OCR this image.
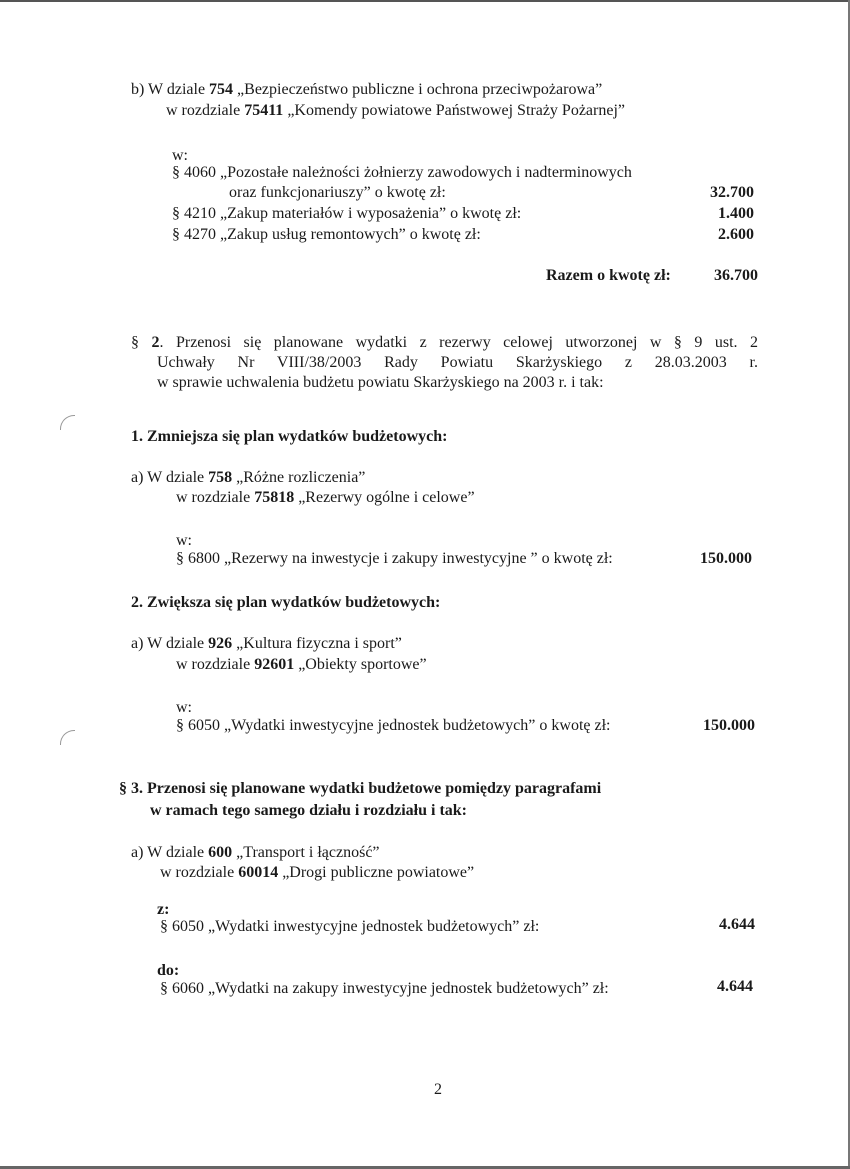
b) W dziale 754 „Bezpieczeństwo publiczne i ochrona przeciwpożarowa”
w rozdziale 75411 „Komendy powiatowe Państwowej Straży Pożarnej”
w:
§ 4060 „Pozostałe należności żołnierzy zawodowych i nadterminowych
oraz funkcjonariuszy” o kwotę zł:	32.700
§ 4210 „Zakup materiałów i wyposażenia” o kwotę zł:	1.400
§ 4270 „Zakup usług remontowych” o kwotę zł:	2.600
Razem o kwotę zł:	36.700
§ 2. Przenosi się planowane wydatki z rezerwy celowej utworzonej w § 9 ust. 2
Uchwały Nr VIII/38/2003 Rady Powiatu Skarżyskiego z 28.03.2003 r.
w sprawie uchwalenia budżetu powiatu Skarżyskiego na 2003 r. i tak:
1. Zmniejsza się plan wydatków budżetowych:
a) W dziale 758 „Różne rozliczenia”
w rozdziale 75818 „Rezerwy ogólne i celowe”
w:
§ 6800 „Rezerwy na inwestycje i zakupy inwestycyjne ” o kwotę zł:	150.000
2. Zwiększa się plan wydatków budżetowych:
a) W dziale 926 „Kultura fizyczna i sport”
w rozdziale 92601 „Obiekty sportowe”
w:
§ 6050 „Wydatki inwestycyjne jednostek budżetowych” o kwotę zł:	150.000
§ 3. Przenosi się planowane wydatki budżetowe pomiędzy paragrafami
w ramach tego samego działu i rozdziału i tak:
a) W dziale 600 „Transport i łączność”
w rozdziale 60014 „Drogi publiczne powiatowe”
z:
§ 6050 „Wydatki inwestycyjne jednostek budżetowych” zł:	4.644
do:
§ 6060 „Wydatki na zakupy inwestycyjne jednostek budżetowych” zł:	4.644
2
